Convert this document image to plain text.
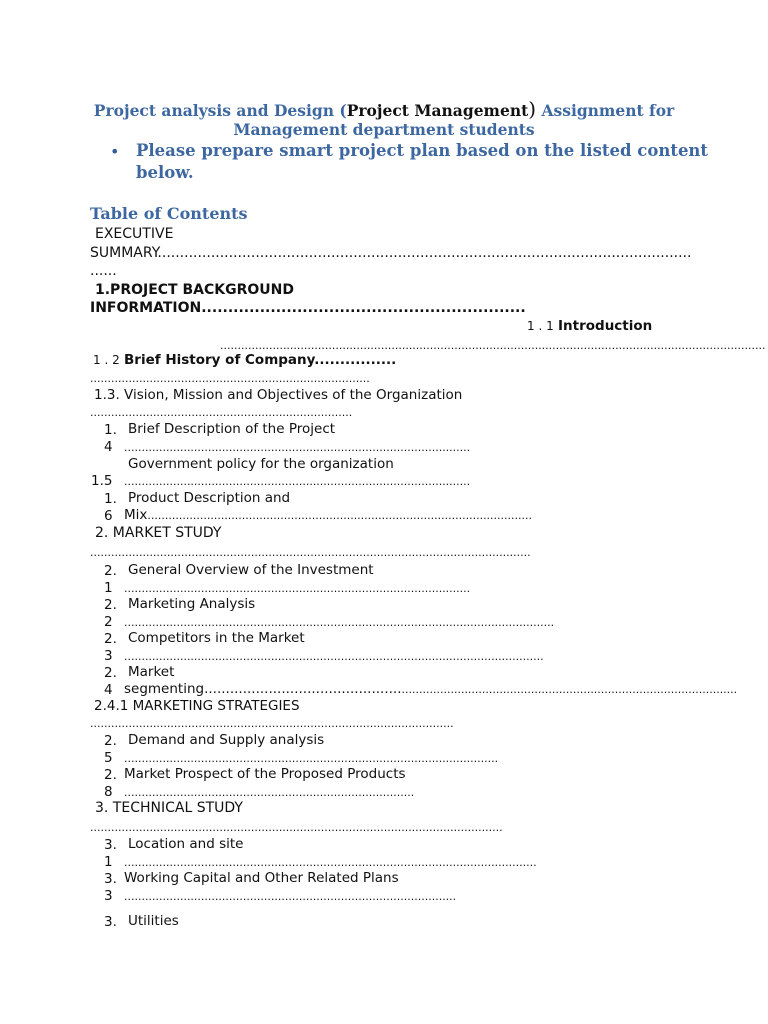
Project analysis and Design (Project Management) Assignment for
Management department students
• Please prepare smart project plan based on the listed content
below.
Table of Contents
EXECUTIVE
SUMMARY........................................................................................................................
......
1.PROJECT BACKGROUND
INFORMATION.............................................................
1 . 1 Introduction
............................................................................................................................................................
1 . 2 Brief History of Company................
................................................................................
1.3. Vision, Mission and Objectives of the Organization
...........................................................................
1.
4
Brief Description of the Project
...................................................................................................
Government policy for the organization
1.5 ...................................................................................................
1.
6
Product Description and
Mix..............................................................................................................
2. MARKET STUDY
..............................................................................................................................
2.
1
General Overview of the Investment
...................................................................................................
2.
2
Marketing Analysis
...........................................................................................................................
2.
3
Competitors in the Market
........................................................................................................................
2.
4
Market
segmenting..............................................................................................................................................
2.4.1 MARKETING STRATEGIES
........................................................................................................
2.
5
Demand and Supply analysis
...........................................................................................................
2.
8
Market Prospect of the Proposed Products
...................................................................................
3. TECHNICAL STUDY
......................................................................................................................
3.
1
Location and site
......................................................................................................................
3.
3
Working Capital and Other Related Plans
...............................................................................................
3. Utilities
